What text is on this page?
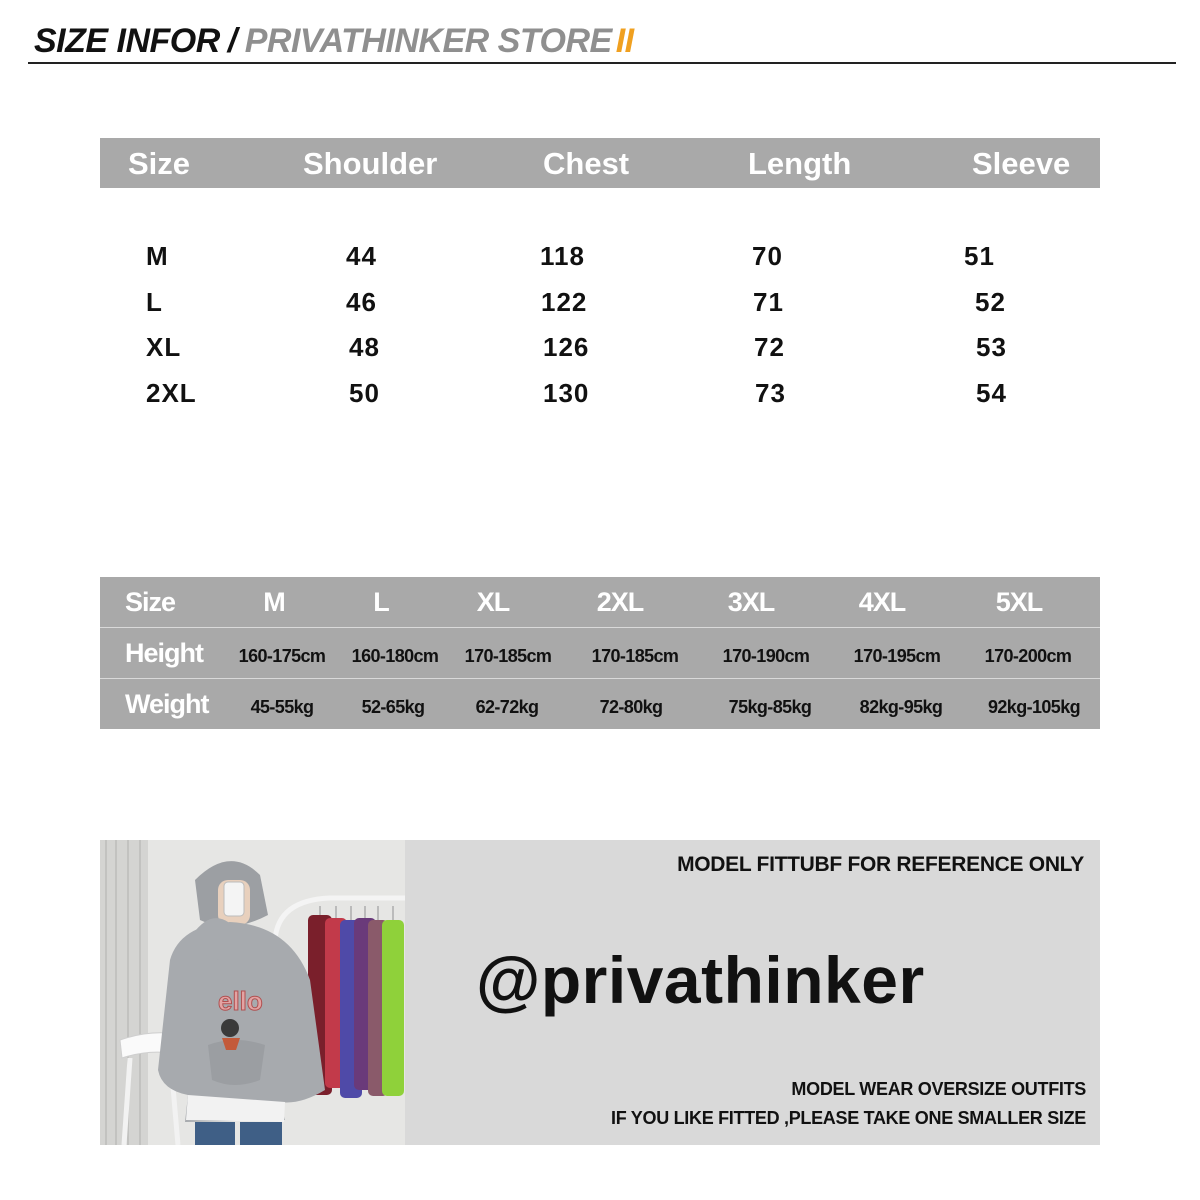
SIZE INFOR / PRIVATHINKER STORE II
Size	Shoulder	Chest	Length	Sleeve
M	44	118	70	51
L	46	122	71	52
XL	48	126	72	53
2XL	50	130	73	54
Size	M	L	XL	2XL	3XL	4XL	5XL
Height 160-175cm 160-180cm 170-185cm 170-185cm 170-190cm 170-195cm 170-200cm
Weight 45-55kg	52-65kg	62-72kg	72-80kg	75kg-85kg	82kg-95kg	92kg-105kg
ello
MODEL FITTUBF FOR REFERENCE ONLY
@privathinker
MODEL WEAR OVERSIZE OUTFITS
IF YOU LIKE FITTED ,PLEASE TAKE ONE SMALLER SIZE
